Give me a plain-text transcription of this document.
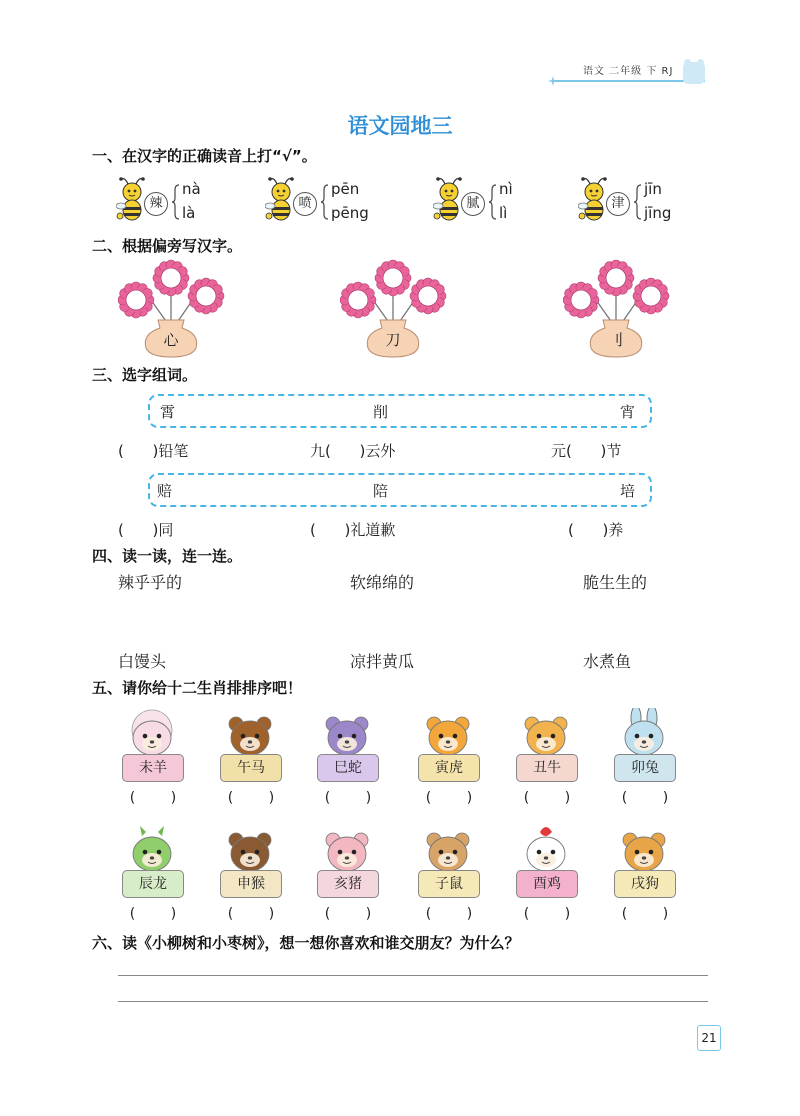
语文 二年级 下 RJ
语文园地三
一、在汉字的正确读音上打“√”。
辣
nà
là
喷
pēn
pēng
腻
nì
lì
津
jīn
jīng
二、根据偏旁写汉字。
心	刀	刂
三、选字组词。
霄	削	宵
(      )铅笔	九(      )云外	元(      )节
赔	陪	培
(      )同	(      )礼道歉	(      )养
四、读一读，连一连。
辣乎乎的	软绵绵的	脆生生的
白馒头	凉拌黄瓜	水煮鱼
五、请你给十二生肖排排序吧！
未羊
(        )
午马
(        )
巳蛇
(        )
寅虎
(        )
丑牛
(        )
卯兔
(        )
辰龙
(        )
申猴
(        )
亥猪
(        )
子鼠
(        )
酉鸡
(        )
戌狗
(        )
六、读《小柳树和小枣树》，想一想你喜欢和谁交朋友？为什么？
21
